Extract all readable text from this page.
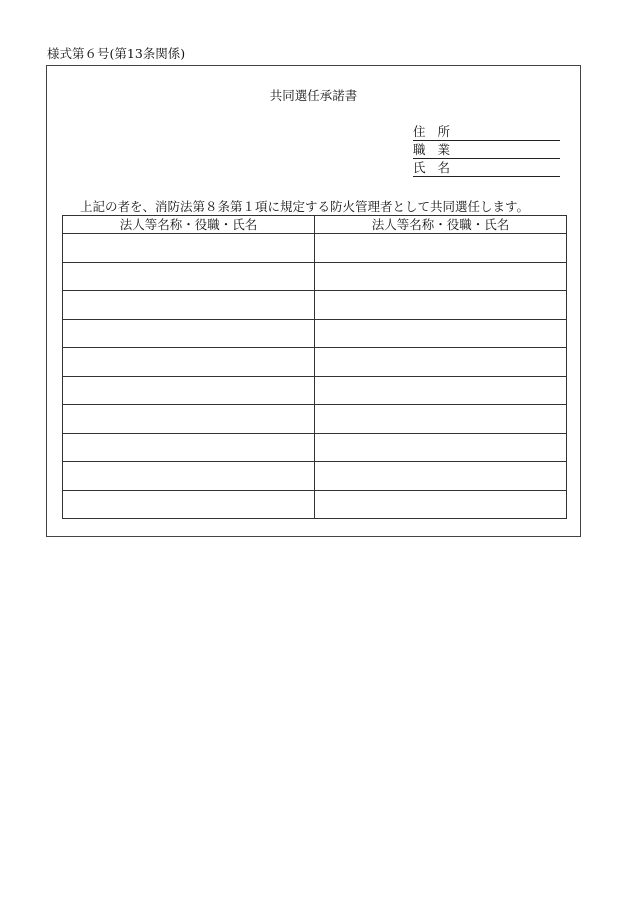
様式第６号(第13条関係)
共同選任承諾書
住所
職業
氏名
上記の者を、消防法第８条第１項に規定する防火管理者として共同選任します。
法人等名称・役職・氏名	法人等名称・役職・氏名
